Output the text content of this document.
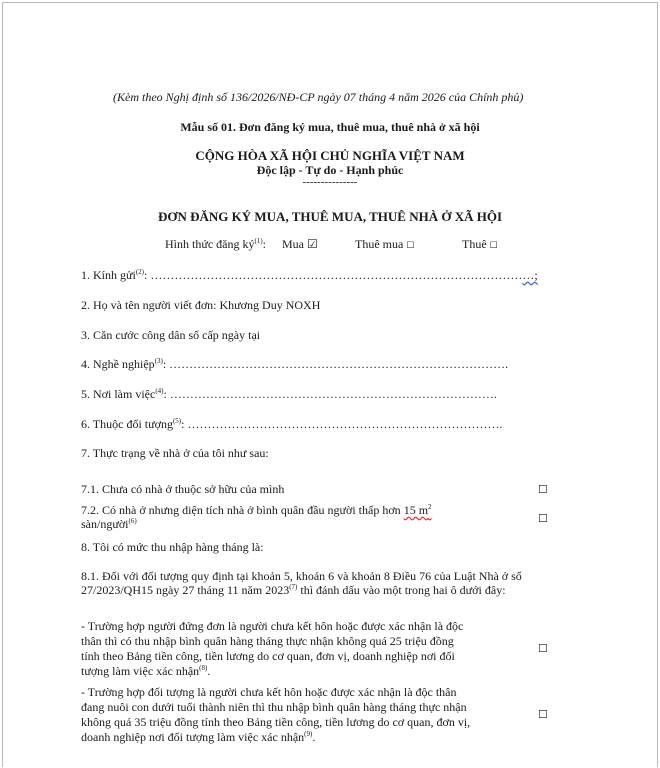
(Kèm theo Nghị định số 136/2026/NĐ-CP ngày 07 tháng 4 năm 2026 của Chính phủ)
Mẫu số 01. Đơn đăng ký mua, thuê mua, thuê nhà ở xã hội
CỘNG HÒA XÃ HỘI CHỦ NGHĨA VIỆT NAM
Độc lập - Tự do - Hạnh phúc
---------------
ĐƠN ĐĂNG KÝ MUA, THUÊ MUA, THUÊ NHÀ Ở XÃ HỘI
Hình thức đăng $ký^{(1)}$: Mua ☑	Thuê mua ☐	Thuê ☐
1. Kính gửi$^{(2)}$: ……………………………………………………………………………………;
2. Họ và tên người viết đơn: Khương Duy NOXH
3. Căn cước công dân số cấp ngày tại
4. Nghề nghiệp$^{(3)}$: ………………………………………………………………………….
5. Nơi làm việc$^{(4)}$: ……………………………………………………………………….
6. Thuộc đối tượng$^{(5)}$: …………………………………………………………………….
7. Thực trạng về nhà ở của tôi như sau:
7.1. Chưa có nhà ở thuộc sở hữu của mình	☐
7.2. Có nhà ở nhưng diện tích nhà ở bình quân đầu người thấp hơn 15 $m^2$
sàn/người$^{(6)}$	☐
8. Tôi có mức thu nhập hàng tháng là:
8.1. Đối với đối tượng quy định tại khoản 5, khoản 6 và khoản 8 Điều 76 của Luật Nhà ở số
27/2023/QH15 ngày 27 tháng 11 năm 2023$^{(7)}$ thì đánh dấu vào một trong hai ô dưới đây:
- Trường hợp người đứng đơn là người chưa kết hôn hoặc được xác nhận là độc
thân thì có thu nhập bình quân hàng tháng thực nhận không quá 25 triệu đồng
tính theo Bảng tiền công, tiền lương do cơ quan, đơn vị, doanh nghiệp nơi đối
tượng làm việc xác nhận$^{(8)}$.
☐
- Trường hợp đối tượng là người chưa kết hôn hoặc được xác nhận là độc thân
đang nuôi con dưới tuổi thành niên thì thu nhập bình quân hàng tháng thực nhận
không quá 35 triệu đồng tính theo Bảng tiền công, tiền lương do cơ quan, đơn vị,
doanh nghiệp nơi đối tượng làm việc xác nhận$^{(9)}$.
☐
